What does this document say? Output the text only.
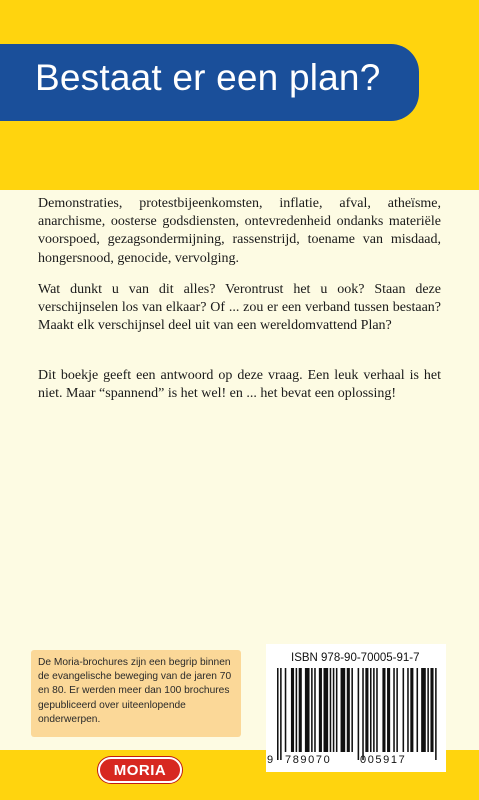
Bestaat er een plan?

Demonstraties, protestbijeenkomsten, inflatie, afval, atheïsme, anarchisme, oosterse godsdiensten, ontevredenheid ondanks materiële voorspoed, gezagsondermijning, rassenstrijd, toename van misdaad, hongersnood, genocide, vervolging.

Wat dunkt u van dit alles? Verontrust het u ook? Staan deze verschijnselen los van elkaar? Of ... zou er een verband tussen bestaan? Maakt elk verschijnsel deel uit van een wereldomvattend Plan?

Dit boekje geeft een antwoord op deze vraag. Een leuk verhaal is het niet. Maar “spannend” is het wel! en ... het bevat een oplossing!

De Moria-brochures zijn een begrip binnen de evangelische beweging van de jaren 70 en 80. Er werden meer dan 100 brochures gepubliceerd over uiteenlopende onderwerpen.

MORIA
ISBN 978-90-70005-91-7
9 789070	005917
